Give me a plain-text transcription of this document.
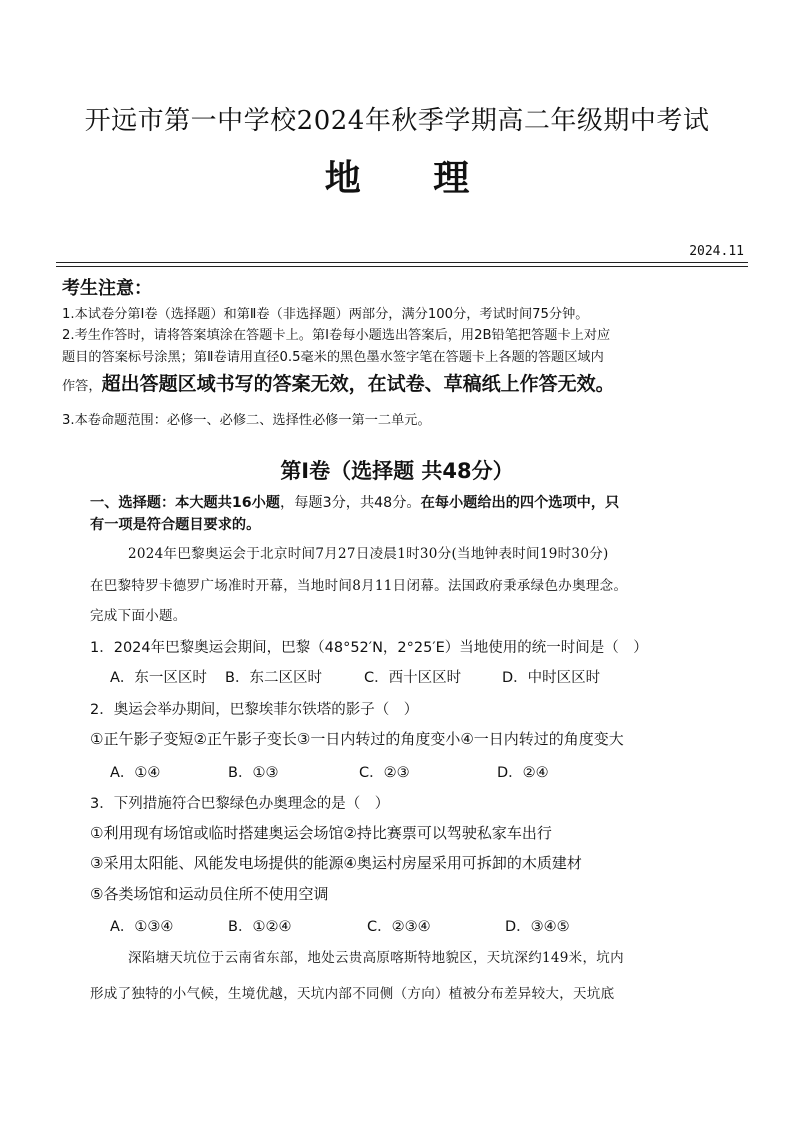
开远市第一中学校2024年秋季学期高二年级期中考试
地 理
2024.11
考生注意：
1.本试卷分第Ⅰ卷（选择题）和第Ⅱ卷（非选择题）两部分，满分100分，考试时间75分钟。
2.考生作答时，请将答案填涂在答题卡上。第Ⅰ卷每小题选出答案后，用2B铅笔把答题卡上对应
题目的答案标号涂黑；第Ⅱ卷请用直径0.5毫米的黑色墨水签字笔在答题卡上各题的答题区域内
作答，超出答题区域书写的答案无效，在试卷、草稿纸上作答无效。
3.本卷命题范围：必修一、必修二、选择性必修一第一二单元。
第Ⅰ卷（选择题 共48分）
一、选择题：本大题共16小题，每题3分，共48分。在每小题给出的四个选项中，只
有一项是符合题目要求的。
2024年巴黎奥运会于北京时间7月27日凌晨1时30分(当地钟表时间19时30分)
在巴黎特罗卡德罗广场准时开幕，当地时间8月11日闭幕。法国政府秉承绿色办奥理念。
完成下面小题。
1．2024年巴黎奥运会期间，巴黎（48°52′N，2°25′E）当地使用的统一时间是（　）
A．东一区区时 B．东二区区时	C．西十区区时	D．中时区区时
2．奥运会举办期间，巴黎埃菲尔铁塔的影子（　）
①正午影子变短②正午影子变长③一日内转过的角度变小④一日内转过的角度变大
A．①④	B．①③	C．②③	D．②④
3．下列措施符合巴黎绿色办奥理念的是（　）
①利用现有场馆或临时搭建奥运会场馆②持比赛票可以驾驶私家车出行
③采用太阳能、风能发电场提供的能源④奥运村房屋采用可拆卸的木质建材
⑤各类场馆和运动员住所不使用空调
A．①③④	B．①②④	C．②③④	D．③④⑤
深陷塘天坑位于云南省东部，地处云贵高原喀斯特地貌区，天坑深约149米，坑内
形成了独特的小气候，生境优越，天坑内部不同侧（方向）植被分布差异较大，天坑底
